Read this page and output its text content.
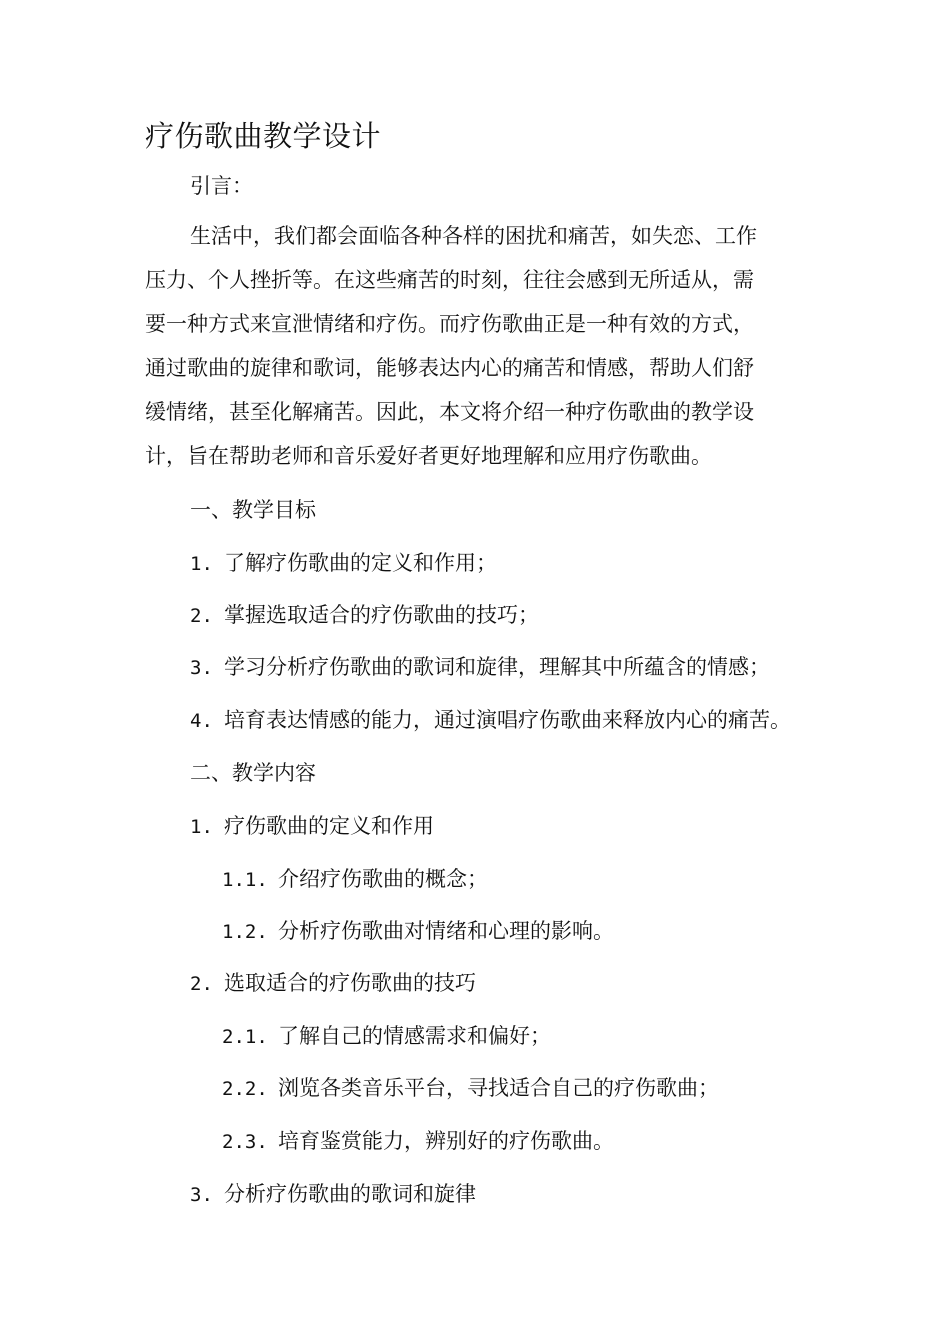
疗伤歌曲教学设计

引言：

生活中，我们都会面临各种各样的困扰和痛苦，如失恋、工作

压力、个人挫折等。在这些痛苦的时刻，往往会感到无所适从，需

要一种方式来宣泄情绪和疗伤。而疗伤歌曲正是一种有效的方式，

通过歌曲的旋律和歌词，能够表达内心的痛苦和情感，帮助人们舒

缓情绪，甚至化解痛苦。因此，本文将介绍一种疗伤歌曲的教学设

计，旨在帮助老师和音乐爱好者更好地理解和应用疗伤歌曲。

一、教学目标

1. 了解疗伤歌曲的定义和作用；

2. 掌握选取适合的疗伤歌曲的技巧；

3. 学习分析疗伤歌曲的歌词和旋律，理解其中所蕴含的情感；

4. 培育表达情感的能力，通过演唱疗伤歌曲来释放内心的痛苦。

二、教学内容

1. 疗伤歌曲的定义和作用

1.1. 介绍疗伤歌曲的概念；

1.2. 分析疗伤歌曲对情绪和心理的影响。

2. 选取适合的疗伤歌曲的技巧

2.1. 了解自己的情感需求和偏好；

2.2. 浏览各类音乐平台，寻找适合自己的疗伤歌曲；

2.3. 培育鉴赏能力，辨别好的疗伤歌曲。

3. 分析疗伤歌曲的歌词和旋律
